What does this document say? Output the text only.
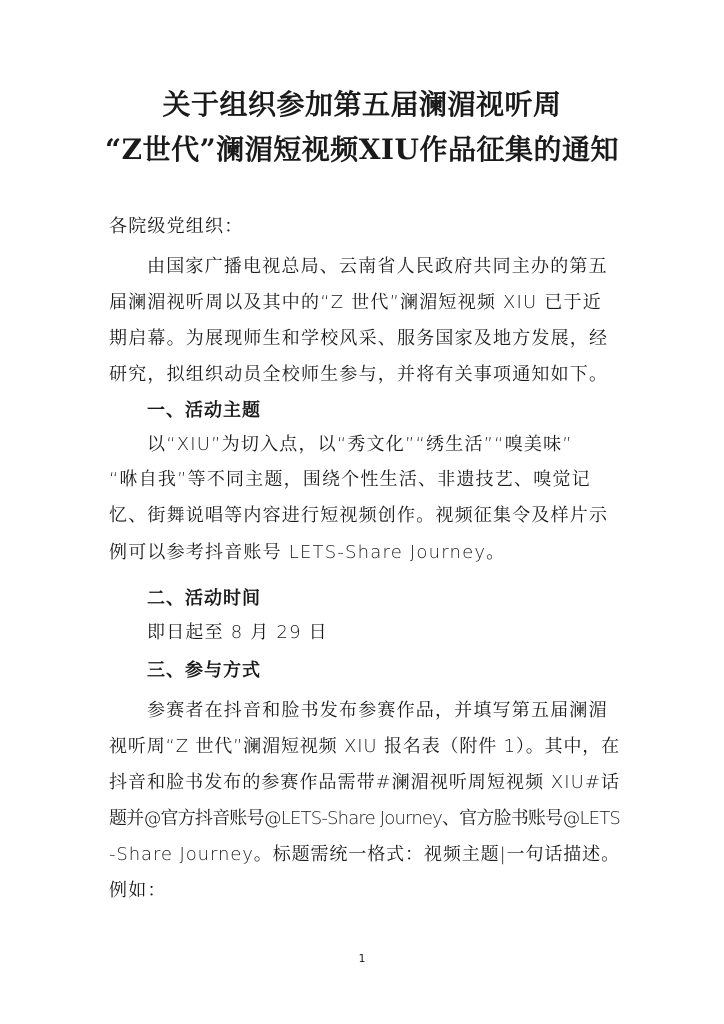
关于组织参加第五届澜湄视听周
“Z世代”澜湄短视频XIU作品征集的通知
各院级党组织：
由国家广播电视总局、云南省人民政府共同主办的第五
届澜湄视听周以及其中的“Z 世代”澜湄短视频 XIU 已于近
期启幕。为展现师生和学校风采、服务国家及地方发展，经
研究，拟组织动员全校师生参与，并将有关事项通知如下。
一、活动主题
以“XIU”为切入点，以“秀文化”“绣生活”“嗅美味”
“咻自我”等不同主题，围绕个性生活、非遗技艺、嗅觉记
忆、街舞说唱等内容进行短视频创作。视频征集令及样片示
例可以参考抖音账号 LETS-Share Journey。
二、活动时间
即日起至 8 月 29 日
三、参与方式
参赛者在抖音和脸书发布参赛作品，并填写第五届澜湄
视听周“Z 世代”澜湄短视频 XIU 报名表（附件 1）。其中，在
抖音和脸书发布的参赛作品需带#澜湄视听周短视频 XIU#话
题并@官方抖音账号@LETS-Share Journey、官方脸书账号@LETS
-Share Journey。标题需统一格式：视频主题|一句话描述。
例如：
1
